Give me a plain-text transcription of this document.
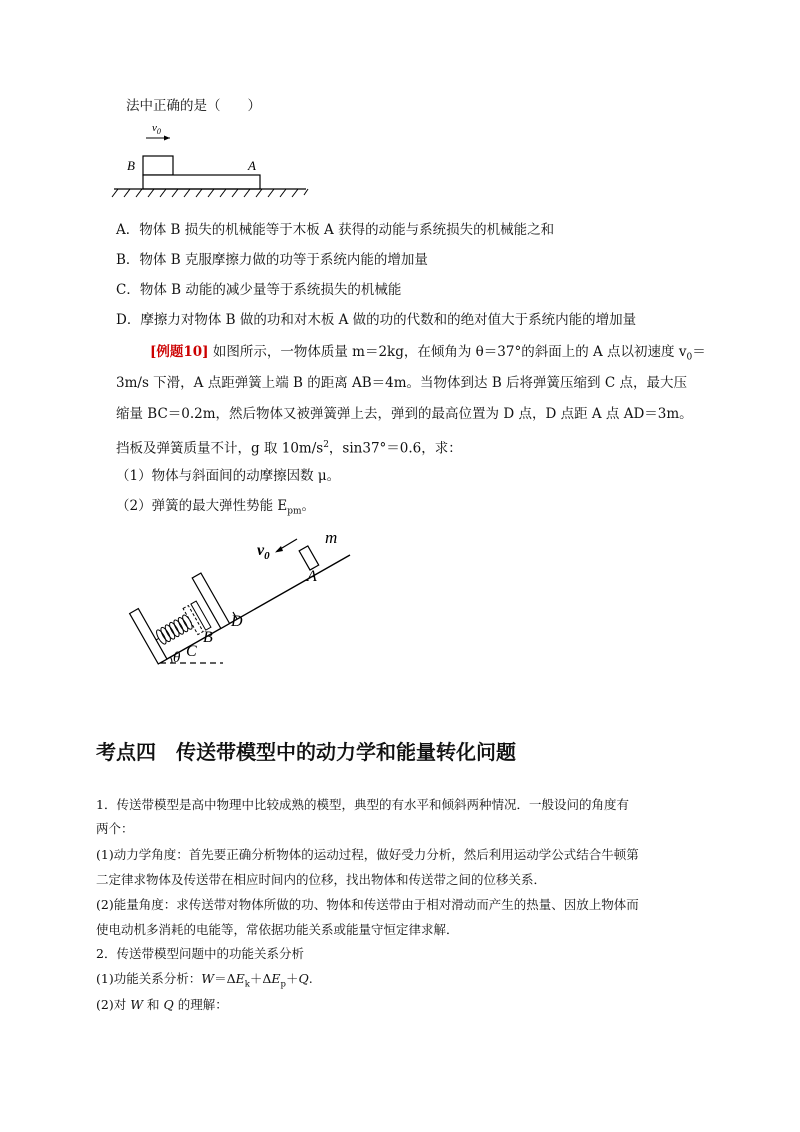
法中正确的是（　　）
$v_0$
B	A
A．物体 B 损失的机械能等于木板 A 获得的动能与系统损失的机械能之和
B．物体 B 克服摩擦力做的功等于系统内能的增加量
C．物体 B 动能的减少量等于系统损失的机械能
D．摩擦力对物体 B 做的功和对木板 A 做的功的代数和的绝对值大于系统内能的增加量
[例题10] 如图所示，一物体质量 m＝2kg，在倾角为 θ＝37°的斜面上的 A 点以初速度 $v_0=$
3m/s 下滑，A 点距弹簧上端 B 的距离 AB＝4m。当物体到达 B 后将弹簧压缩到 C 点，最大压
缩量 BC＝0.2m，然后物体又被弹簧弹上去，弹到的最高位置为 D 点，D 点距 A 点 AD＝3m。
挡板及弹簧质量不计，g 取 $10m/s^2$，sin37°＝0.6，求：
（1）物体与斜面间的动摩擦因数 μ。
（2）弹簧的最大弹性势能 $E_{pm}$。
θ
$v_0$
m
A
D
B
C
考点四　传送带模型中的动力学和能量转化问题
1．传送带模型是高中物理中比较成熟的模型，典型的有水平和倾斜两种情况．一般设问的角度有
两个：
(1)动力学角度：首先要正确分析物体的运动过程，做好受力分析，然后利用运动学公式结合牛顿第
二定律求物体及传送带在相应时间内的位移，找出物体和传送带之间的位移关系．
(2)能量角度：求传送带对物体所做的功、物体和传送带由于相对滑动而产生的热量、因放上物体而
使电动机多消耗的电能等，常依据功能关系或能量守恒定律求解．
2．传送带模型问题中的功能关系分析
(1)功能关系分析：$W=\Delta E_k+\Delta E_p+Q$.
(2)对 W 和 Q 的理解：
